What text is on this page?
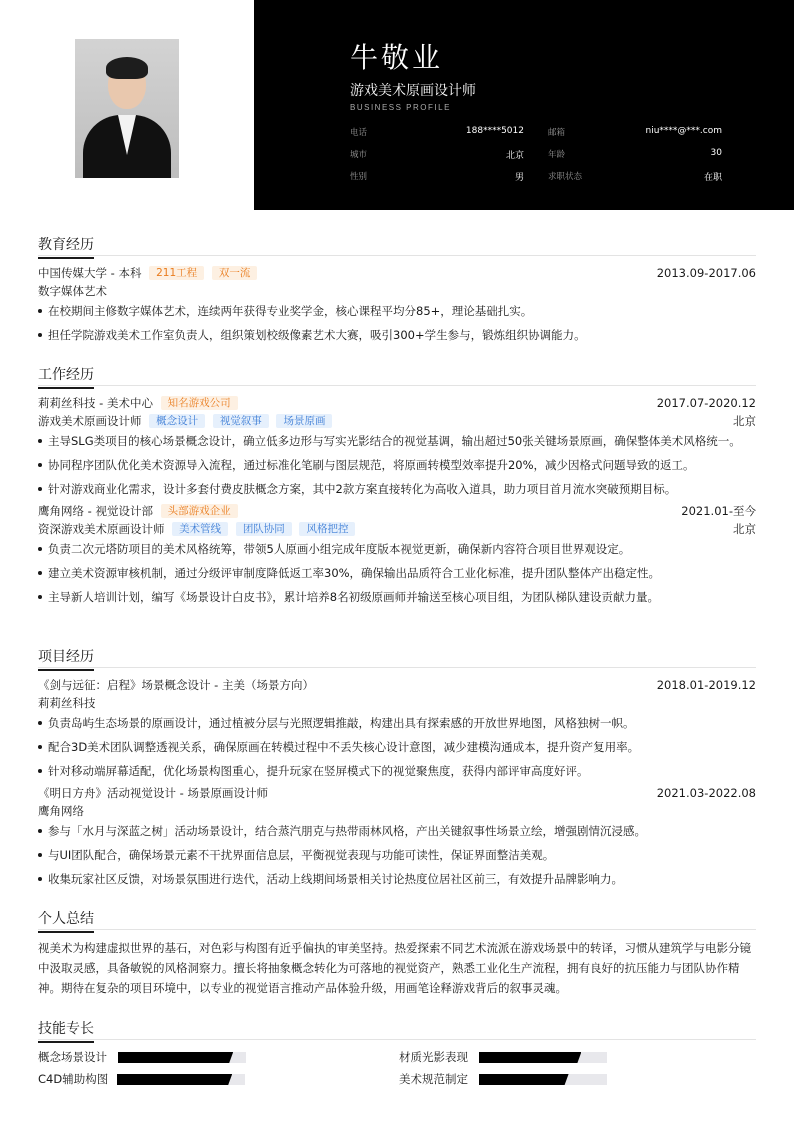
牛敬业
游戏美术原画设计师
BUSINESS PROFILE
电话	188****5012	邮箱	niu****@***.com
城市	北京	年龄	30
性别	男	求职状态	在职
教育经历
中国传媒大学 - 本科 211工程 双一流	2013.09-2017.06
数字媒体艺术
在校期间主修数字媒体艺术，连续两年获得专业奖学金，核心课程平均分85+，理论基础扎实。
担任学院游戏美术工作室负责人，组织策划校级像素艺术大赛，吸引300+学生参与，锻炼组织协调能力。
工作经历
莉莉丝科技 - 美术中心 知名游戏公司	2017.07-2020.12
游戏美术原画设计师 概念设计 视觉叙事 场景原画	北京
主导SLG类项目的核心场景概念设计，确立低多边形与写实光影结合的视觉基调，输出超过50张关键场景原画，确保整体美术风格统一。
协同程序团队优化美术资源导入流程，通过标准化笔刷与图层规范，将原画转模型效率提升20%，减少因格式问题导致的返工。
针对游戏商业化需求，设计多套付费皮肤概念方案，其中2款方案直接转化为高收入道具，助力项目首月流水突破预期目标。
鹰角网络 - 视觉设计部 头部游戏企业	2021.01-至今
资深游戏美术原画设计师 美术管线 团队协同 风格把控	北京
负责二次元塔防项目的美术风格统筹，带领5人原画小组完成年度版本视觉更新，确保新内容符合项目世界观设定。
建立美术资源审核机制，通过分级评审制度降低返工率30%，确保输出品质符合工业化标准，提升团队整体产出稳定性。
主导新人培训计划，编写《场景设计白皮书》，累计培养8名初级原画师并输送至核心项目组，为团队梯队建设贡献力量。
项目经历
《剑与远征：启程》场景概念设计 - 主美（场景方向）	2018.01-2019.12
莉莉丝科技
负责岛屿生态场景的原画设计，通过植被分层与光照逻辑推敲，构建出具有探索感的开放世界地图，风格独树一帜。
配合3D美术团队调整透视关系，确保原画在转模过程中不丢失核心设计意图，减少建模沟通成本，提升资产复用率。
针对移动端屏幕适配，优化场景构图重心，提升玩家在竖屏模式下的视觉聚焦度，获得内部评审高度好评。
《明日方舟》活动视觉设计 - 场景原画设计师	2021.03-2022.08
鹰角网络
参与「水月与深蓝之树」活动场景设计，结合蒸汽朋克与热带雨林风格，产出关键叙事性场景立绘，增强剧情沉浸感。
与UI团队配合，确保场景元素不干扰界面信息层，平衡视觉表现与功能可读性，保证界面整洁美观。
收集玩家社区反馈，对场景氛围进行迭代，活动上线期间场景相关讨论热度位居社区前三，有效提升品牌影响力。
个人总结
视美术为构建虚拟世界的基石，对色彩与构图有近乎偏执的审美坚持。热爱探索不同艺术流派在游戏场景中的转译，习惯从建筑学与电影分镜中汲取灵感，具备敏锐的风格洞察力。擅长将抽象概念转化为可落地的视觉资产，熟悉工业化生产流程，拥有良好的抗压能力与团队协作精神。期待在复杂的项目环境中，以专业的视觉语言推动产品体验升级，用画笔诠释游戏背后的叙事灵魂。
技能专长
概念场景设计	材质光影表现
C4D辅助构图	美术规范制定
